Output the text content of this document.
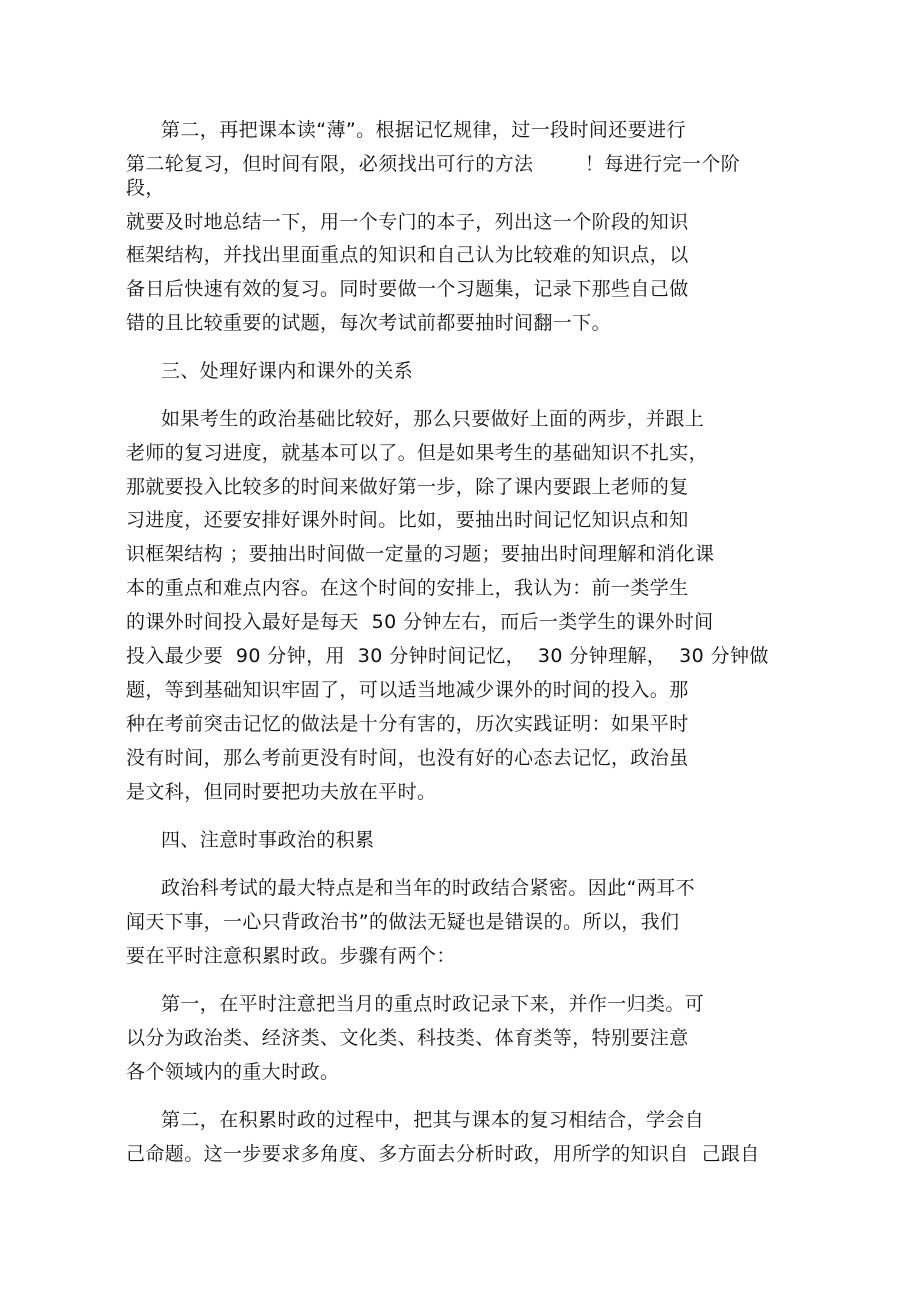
第二，再把课本读“薄”。根据记忆规律，过一段时间还要进行
第二轮复习，但时间有限，必须找出可行的方法        ！每进行完一个阶
段，
就要及时地总结一下，用一个专门的本子，列出这一个阶段的知识
框架结构，并找出里面重点的知识和自己认为比较难的知识点，以
备日后快速有效的复习。同时要做一个习题集，记录下那些自己做
错的且比较重要的试题，每次考试前都要抽时间翻一下。
三、处理好课内和课外的关系
如果考生的政治基础比较好，那么只要做好上面的两步，并跟上
老师的复习进度，就基本可以了。但是如果考生的基础知识不扎实，
那就要投入比较多的时间来做好第一步，除了课内要跟上老师的复
习进度，还要安排好课外时间。比如，要抽出时间记忆知识点和知
识框架结构 ；要抽出时间做一定量的习题；要抽出时间理解和消化课
本的重点和难点内容。在这个时间的安排上，我认为：前一类学生
的课外时间投入最好是每天  50 分钟左右，而后一类学生的课外时间
投入最少要  90 分钟，用  30 分钟时间记忆，  30 分钟理解，  30 分钟做
题，等到基础知识牢固了，可以适当地减少课外的时间的投入。那
种在考前突击记忆的做法是十分有害的，历次实践证明：如果平时
没有时间，那么考前更没有时间，也没有好的心态去记忆，政治虽
是文科，但同时要把功夫放在平时。
四、注意时事政治的积累
政治科考试的最大特点是和当年的时政结合紧密。因此“两耳不
闻天下事，一心只背政治书”的做法无疑也是错误的。所以，我们
要在平时注意积累时政。步骤有两个：
第一，在平时注意把当月的重点时政记录下来，并作一归类。可
以分为政治类、经济类、文化类、科技类、体育类等，特别要注意
各个领域内的重大时政。
第二，在积累时政的过程中，把其与课本的复习相结合，学会自
己命题。这一步要求多角度、多方面去分析时政，用所学的知识自  己跟自
